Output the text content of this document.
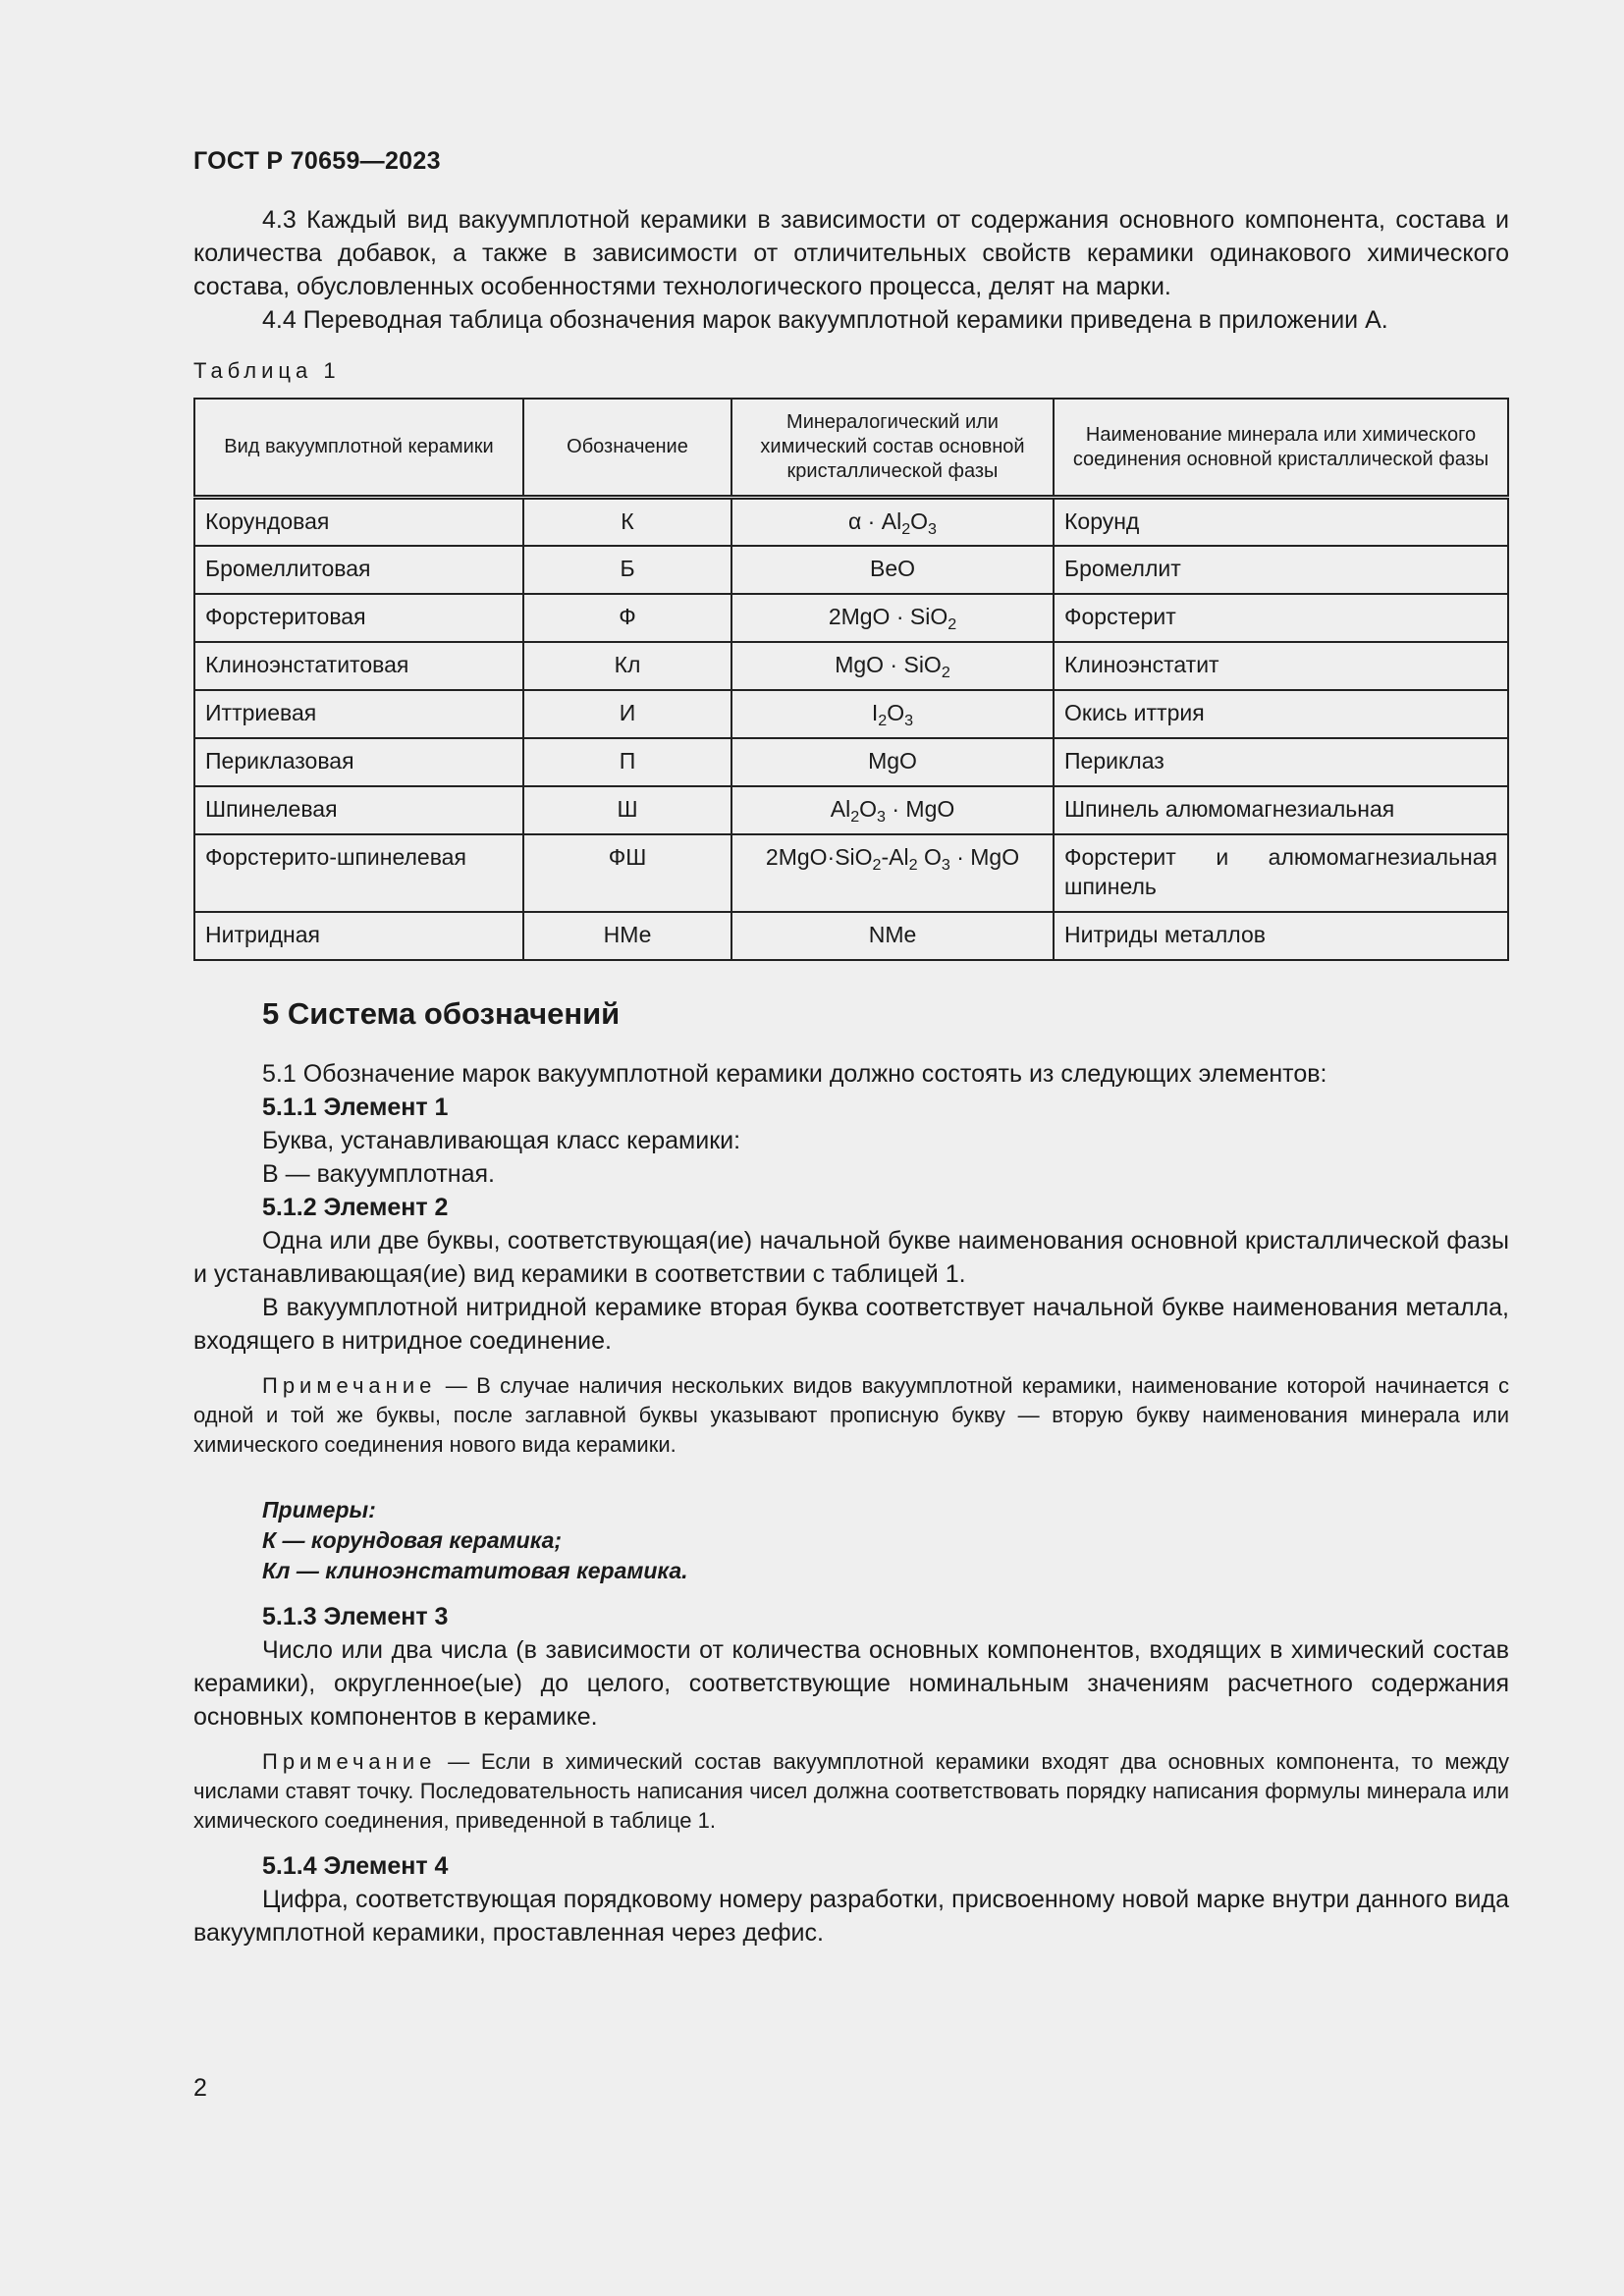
ГОСТ Р 70659—2023

4.3 Каждый вид вакуумплотной керамики в зависимости от содержания основного компонента, состава и количества добавок, а также в зависимости от отличительных свойств керамики одинакового химического состава, обусловленных особенностями технологического процесса, делят на марки.

4.4 Переводная таблица обозначения марок вакуумплотной керамики приведена в приложении А.

Таблица 1

Вид вакуумплотной керамики	Обозначение	Минералогический или химический состав основной кристаллической фазы	Наименование минерала или химического соединения основной кристаллической фазы
Корундовая	К	$\alpha \cdot Al_2O_3$	Корунд
Бромеллитовая	Б	BeO	Бромеллит
Форстеритовая	Ф	2MgO · SiO$_2$	Форстерит
Клиноэнстатитовая	Кл	MgO · SiO$_2$	Клиноэнстатит
Иттриевая	И	$I_2O_3$	Окись иттрия
Периклазовая	П	MgO	Периклаз
Шпинелевая	Ш	$Al_2O_3$ · MgO	Шпинель алюмомагнезиальная
Форстерито-шпинелевая	ФШ	$2MgO\cdot SiO_2-Al_2$ $O_3$ · MgO	Форстерит и алюмомагнезиальная шпинель
Нитридная	НМе	NMe	Нитриды металлов
5 Система обозначений

5.1 Обозначение марок вакуумплотной керамики должно состоять из следующих элементов:

5.1.1 Элемент 1

Буква, устанавливающая класс керамики:

В — вакуумплотная.

5.1.2 Элемент 2

Одна или две буквы, соответствующая(ие) начальной букве наименования основной кристаллической фазы и устанавливающая(ие) вид керамики в соответствии с таблицей 1.

В вакуумплотной нитридной керамике вторая буква соответствует начальной букве наименования металла, входящего в нитридное соединение.

Примечание — В случае наличия нескольких видов вакуумплотной керамики, наименование которой начинается с одной и той же буквы, после заглавной буквы указывают прописную букву — вторую букву наименования минерала или химического соединения нового вида керамики.

Примеры:

К — корундовая керамика;

Кл — клиноэнстатитовая керамика.

5.1.3 Элемент 3

Число или два числа (в зависимости от количества основных компонентов, входящих в химический состав керамики), округленное(ые) до целого, соответствующие номинальным значениям расчетного содержания основных компонентов в керамике.

Примечание — Если в химический состав вакуумплотной керамики входят два основных компонента, то между числами ставят точку. Последовательность написания чисел должна соответствовать порядку написания формулы минерала или химического соединения, приведенной в таблице 1.

5.1.4 Элемент 4

Цифра, соответствующая порядковому номеру разработки, присвоенному новой марке внутри данного вида вакуумплотной керамики, проставленная через дефис.

2
